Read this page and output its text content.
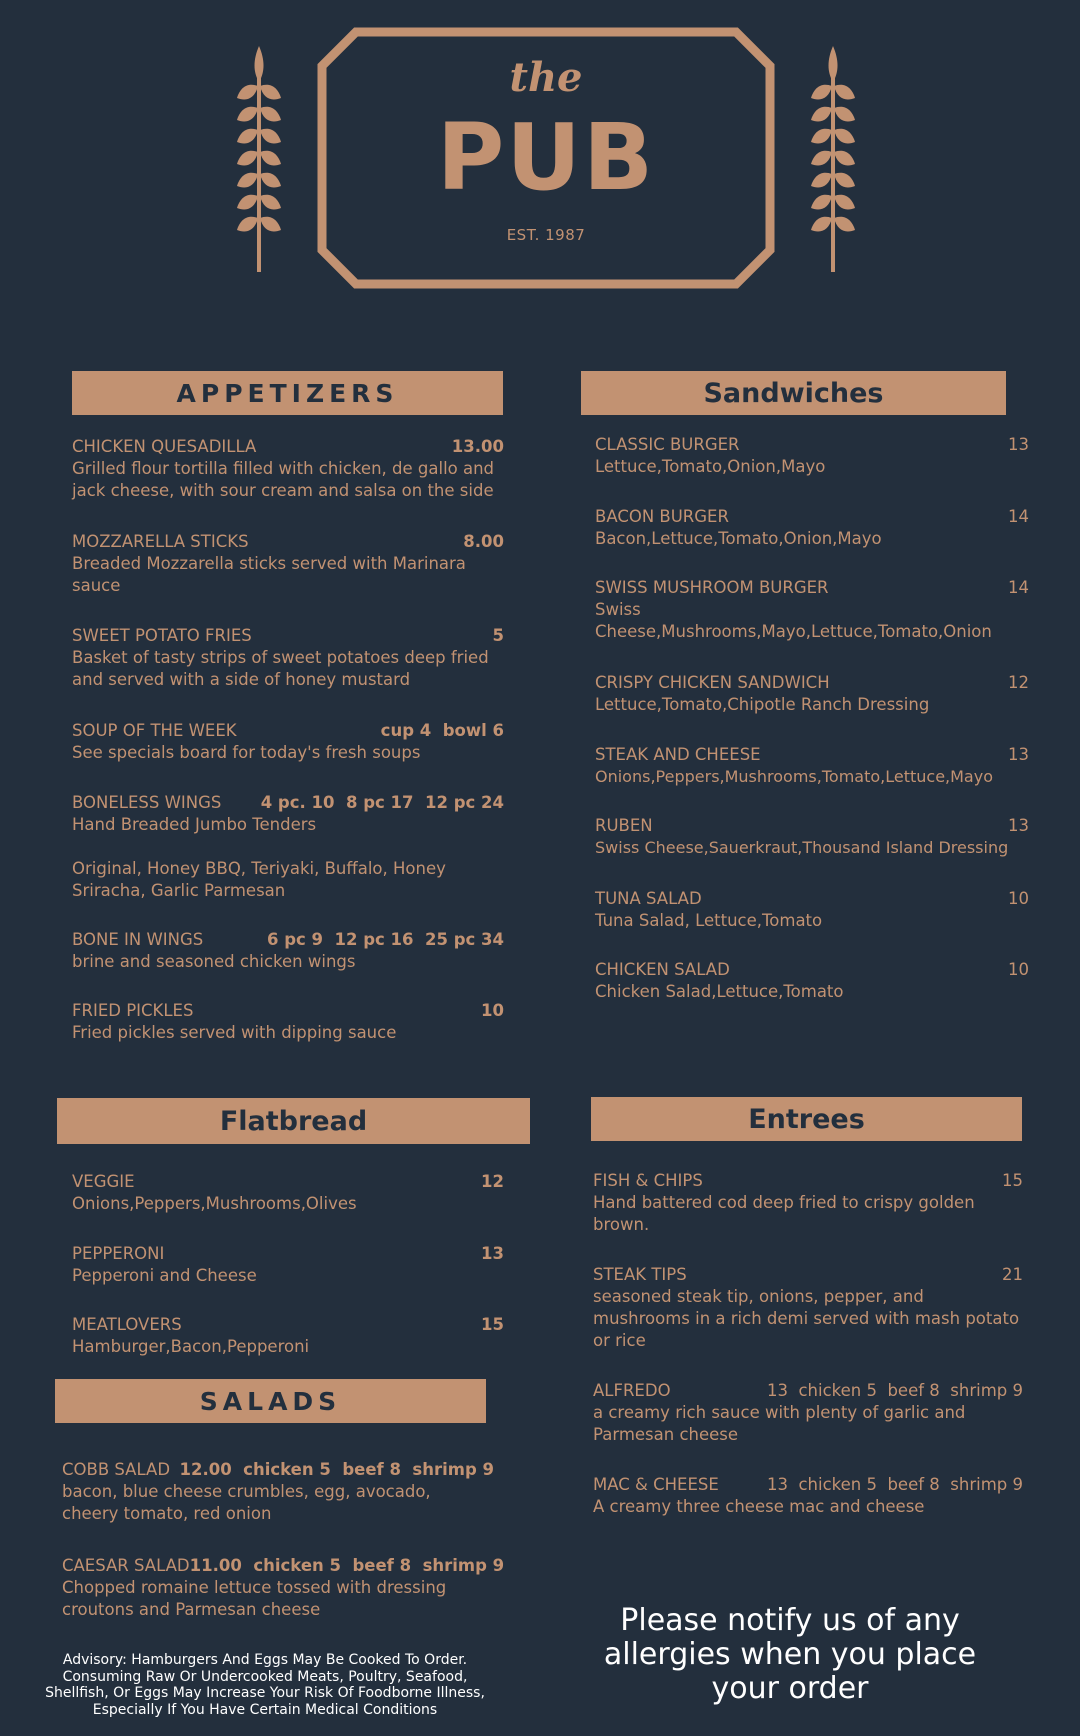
the
PUB
EST. 1987
APPETIZERS
CHICKEN QUESADILLA	13.00
Grilled flour tortilla filled with chicken, de gallo and jack cheese, with sour cream and salsa on the side
MOZZARELLA STICKS	8.00
Breaded Mozzarella sticks served with Marinara sauce
SWEET POTATO FRIES	5
Basket of tasty strips of sweet potatoes deep fried and served with a side of honey mustard
SOUP OF THE WEEK	cup 4  bowl 6
See specials board for today's fresh soups
BONELESS WINGS 4 pc. 10  8 pc 17  12 pc 24
Hand Breaded Jumbo Tenders
Original, Honey BBQ, Teriyaki, Buffalo, Honey Sriracha, Garlic Parmesan
BONE IN WINGS	6 pc 9  12 pc 16  25 pc 34
brine and seasoned chicken wings
FRIED PICKLES	10
Fried pickles served with dipping sauce
Sandwiches
CLASSIC BURGER	13
Lettuce,Tomato,Onion,Mayo
BACON BURGER	14
Bacon,Lettuce,Tomato,Onion,Mayo
SWISS MUSHROOM BURGER	14
Swiss Cheese,Mushrooms,Mayo,Lettuce,Tomato,Onion
CRISPY CHICKEN SANDWICH	12
Lettuce,Tomato,Chipotle Ranch Dressing
STEAK AND CHEESE	13
Onions,Peppers,Mushrooms,Tomato,Lettuce,Mayo
RUBEN	13
Swiss Cheese,Sauerkraut,Thousand Island Dressing
TUNA SALAD	10
Tuna Salad, Lettuce,Tomato
CHICKEN SALAD	10
Chicken Salad,Lettuce,Tomato
Flatbread
VEGGIE	12
Onions,Peppers,Mushrooms,Olives
PEPPERONI	13
Pepperoni and Cheese
MEATLOVERS	15
Hamburger,Bacon,Pepperoni
SALADS
COBB SALAD 12.00  chicken 5  beef 8  shrimp 9
bacon, blue cheese crumbles, egg, avocado, cheery tomato, red onion
CAESAR SALAD 11.00  chicken 5  beef 8  shrimp 9
Chopped romaine lettuce tossed with dressing croutons and Parmesan cheese
Entrees
FISH & CHIPS	15
Hand battered cod deep fried to crispy golden brown.
STEAK TIPS	21
seasoned steak tip, onions, pepper, and mushrooms in a rich demi served with mash potato or rice
ALFREDO	13  chicken 5  beef 8  shrimp 9
a creamy rich sauce with plenty of garlic and Parmesan cheese
MAC & CHEESE	13  chicken 5  beef 8  shrimp 9
A creamy three cheese mac and cheese
Please notify us of any allergies when you place your order
Advisory: Hamburgers And Eggs May Be Cooked To Order. Consuming Raw Or Undercooked Meats, Poultry, Seafood, Shellfish, Or Eggs May Increase Your Risk Of Foodborne Illness, Especially If You Have Certain Medical Conditions
